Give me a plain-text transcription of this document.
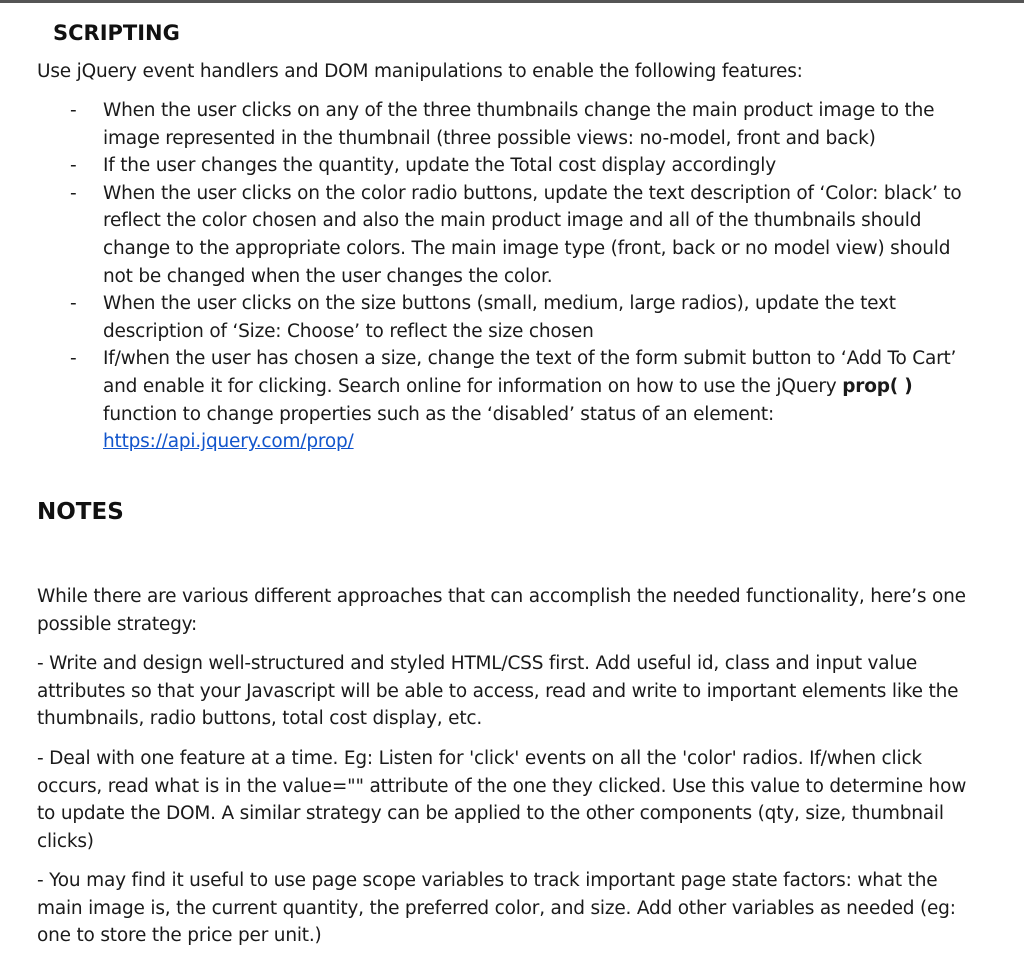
SCRIPTING

Use jQuery event handlers and DOM manipulations to enable the following features:

- When the user clicks on any of the three thumbnails change the main product image to the image represented in the thumbnail (three possible views: no-model, front and back)
- If the user changes the quantity, update the Total cost display accordingly
- When the user clicks on the color radio buttons, update the text description of ‘Color: black’ to reflect the color chosen and also the main product image and all of the thumbnails should change to the appropriate colors. The main image type (front, back or no model view) should not be changed when the user changes the color.
- When the user clicks on the size buttons (small, medium, large radios), update the text description of ‘Size: Choose’ to reflect the size chosen
- If/when the user has chosen a size, change the text of the form submit button to ‘Add To Cart’ and enable it for clicking. Search online for information on how to use the jQuery prop( ) function to change properties such as the ‘disabled’ status of an element:
https://api.jquery.com/prop/
NOTES

While there are various different approaches that can accomplish the needed functionality, here’s one possible strategy:

- Write and design well-structured and styled HTML/CSS first. Add useful id, class and input value attributes so that your Javascript will be able to access, read and write to important elements like the thumbnails, radio buttons, total cost display, etc.

- Deal with one feature at a time. Eg: Listen for 'click' events on all the 'color' radios. If/when click occurs, read what is in the value="" attribute of the one they clicked. Use this value to determine how to update the DOM. A similar strategy can be applied to the other components (qty, size, thumbnail clicks)

- You may find it useful to use page scope variables to track important page state factors: what the main image is, the current quantity, the preferred color, and size. Add other variables as needed (eg: one to store the price per unit.)
